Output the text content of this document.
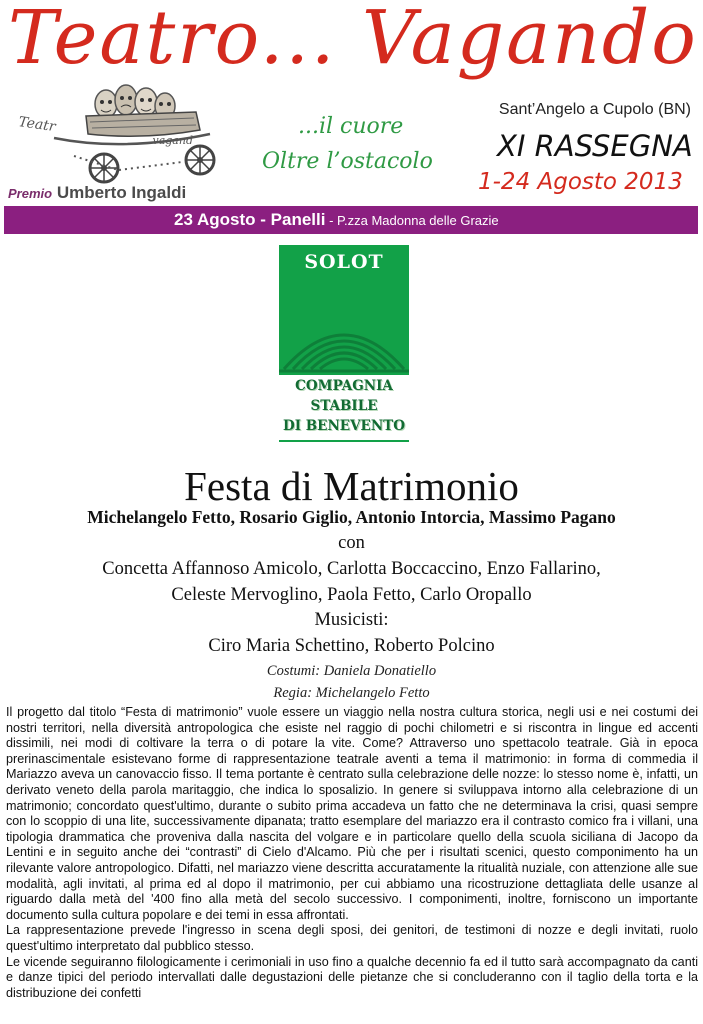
Teatro... Vagando
Teatr
...vagand
Premio Umberto Ingaldi
...il cuore
Oltre l’ostacolo
Sant’Angelo a Cupolo (BN)
XI RASSEGNA
1-24 Agosto 2013
23 Agosto - Panelli - P.zza Madonna delle Grazie
SOLOT
COMPAGNIA
STABILE
DI BENEVENTO
Festa di Matrimonio
Michelangelo Fetto, Rosario Giglio, Antonio Intorcia, Massimo Pagano
con
Concetta Affannoso Amicolo, Carlotta Boccaccino, Enzo Fallarino,
Celeste Mervoglino, Paola Fetto, Carlo Oropallo
Musicisti:
Ciro Maria Schettino, Roberto Polcino
Costumi: Daniela Donatiello
Regia: Michelangelo Fetto

Il progetto dal titolo “Festa di matrimonio” vuole essere un viaggio nella nostra cultura storica, negli usi e nei costumi dei nostri territori, nella diversità antropologica che esiste nel raggio di pochi chilometri e si riscontra in lingue ed accenti dissimili, nei modi di coltivare la terra o di potare la vite. Come? Attraverso uno spettacolo teatrale. Già in epoca prerinascimentale esistevano forme di rappresentazione teatrale aventi a tema il matrimonio: in forma di commedia il Mariazzo aveva un canovaccio fisso. Il tema portante è centrato sulla celebrazione delle nozze: lo stesso nome è, infatti, un derivato veneto della parola maritaggio, che indica lo sposalizio. In genere si sviluppava intorno alla celebrazione di un matrimonio; concordato quest'ultimo, durante o subito prima accadeva un fatto che ne determinava la crisi, quasi sempre con lo scoppio di una lite, successivamente dipanata; tratto esemplare del mariazzo era il contrasto comico fra i villani, una tipologia drammatica che proveniva dalla nascita del volgare e in particolare quello della scuola siciliana di Jacopo da Lentini e in seguito anche dei “contrasti” di Cielo d'Alcamo. Più che per i risultati scenici, questo componimento ha un rilevante valore antropologico. Difatti, nel mariazzo viene descritta accuratamente la ritualità nuziale, con attenzione alle sue modalità, agli invitati, al prima ed al dopo il matrimonio, per cui abbiamo una ricostruzione dettagliata delle usanze al riguardo dalla metà del '400 fino alla metà del secolo successivo. I componimenti, inoltre, forniscono un importante documento sulla cultura popolare e dei temi in essa affrontati.

La rappresentazione prevede l'ingresso in scena degli sposi, dei genitori, de testimoni di nozze e degli invitati, ruolo quest'ultimo interpretato dal pubblico stesso.

Le vicende seguiranno filologicamente i cerimoniali in uso fino a qualche decennio fa ed il tutto sarà accompagnato da canti e danze tipici del periodo intervallati dalle degustazioni delle pietanze che si concluderanno con il taglio della torta e la distribuzione dei confetti
